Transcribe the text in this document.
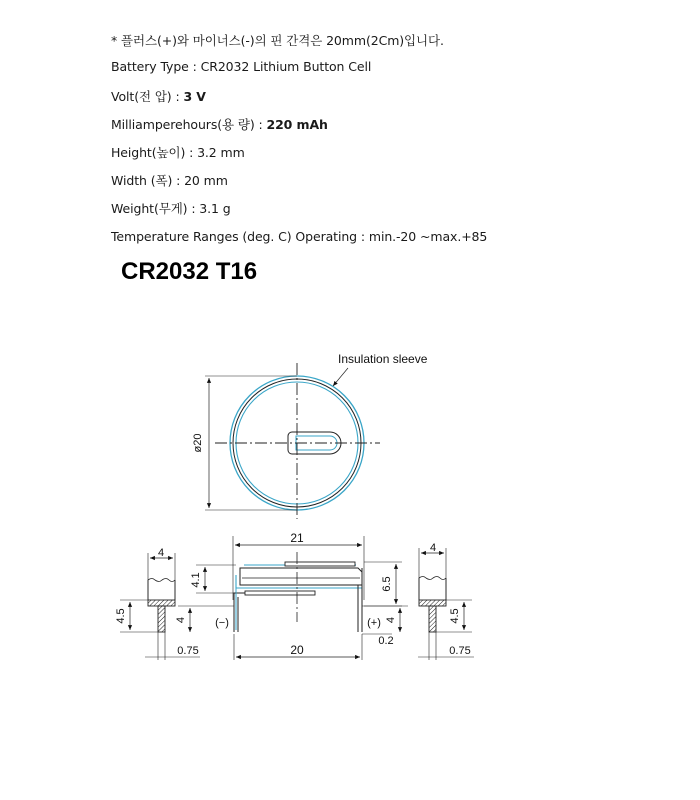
* 플러스(+)와 마이너스(-)의 핀 간격은 20mm(2Cm)입니다.
Battery Type : CR2032 Lithium Button Cell
Volt(전 압) : 3 V
Milliamperehours(용 량) : 220 mAh
Height(높이) : 3.2 mm
Width (폭) : 20 mm
Weight(무게) : 3.1 g
Temperature Ranges (deg. C) Operating : min.-20 ~max.+85
CR2032 T16
ø20
Insulation sleeve
21
4.1	6.5
4	(−)	4
(+)
0.2
20
4
0.75
4.5
4
0.75
4.5
